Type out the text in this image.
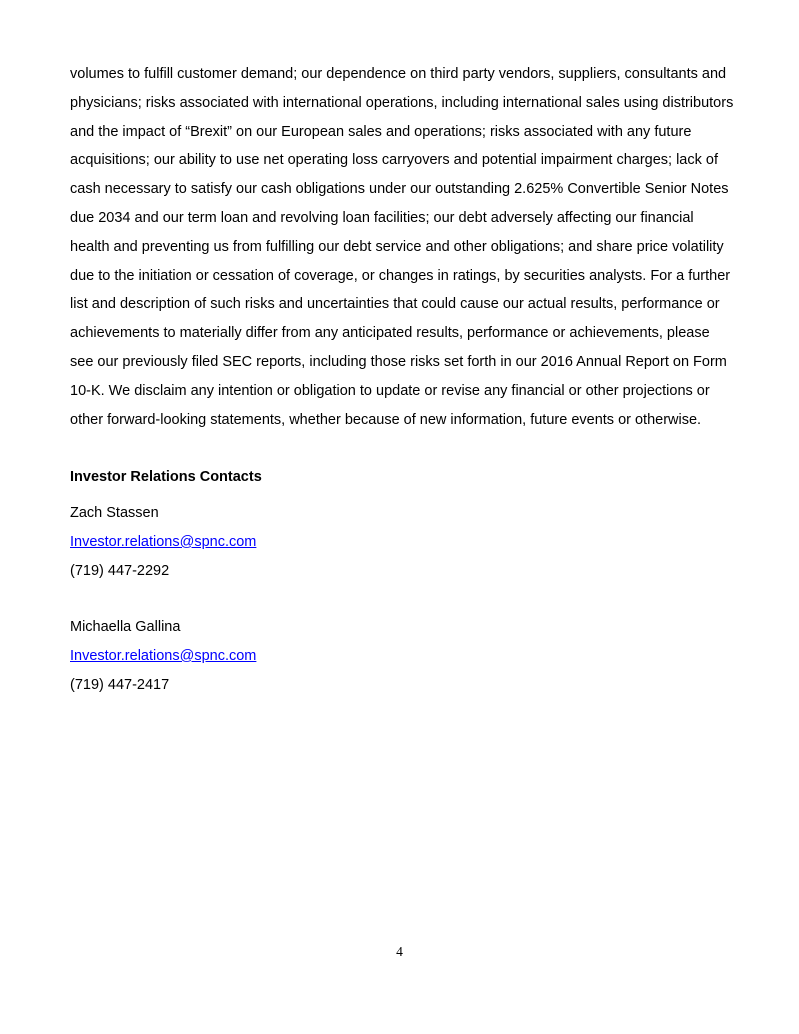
volumes to fulfill customer demand; our dependence on third party vendors, suppliers, consultants and
physicians; risks associated with international operations, including international sales using distributors
and the impact of “Brexit” on our European sales and operations; risks associated with any future
acquisitions; our ability to use net operating loss carryovers and potential impairment charges; lack of
cash necessary to satisfy our cash obligations under our outstanding 2.625% Convertible Senior Notes
due 2034 and our term loan and revolving loan facilities; our debt adversely affecting our financial
health and preventing us from fulfilling our debt service and other obligations; and share price volatility
due to the initiation or cessation of coverage, or changes in ratings, by securities analysts. For a further
list and description of such risks and uncertainties that could cause our actual results, performance or
achievements to materially differ from any anticipated results, performance or achievements, please
see our previously filed SEC reports, including those risks set forth in our 2016 Annual Report on Form
10-K. We disclaim any intention or obligation to update or revise any financial or other projections or
other forward-looking statements, whether because of new information, future events or otherwise.
Investor Relations Contacts
Zach Stassen
Investor.relations@spnc.com
(719) 447-2292
Michaella Gallina
Investor.relations@spnc.com
(719) 447-2417
4
